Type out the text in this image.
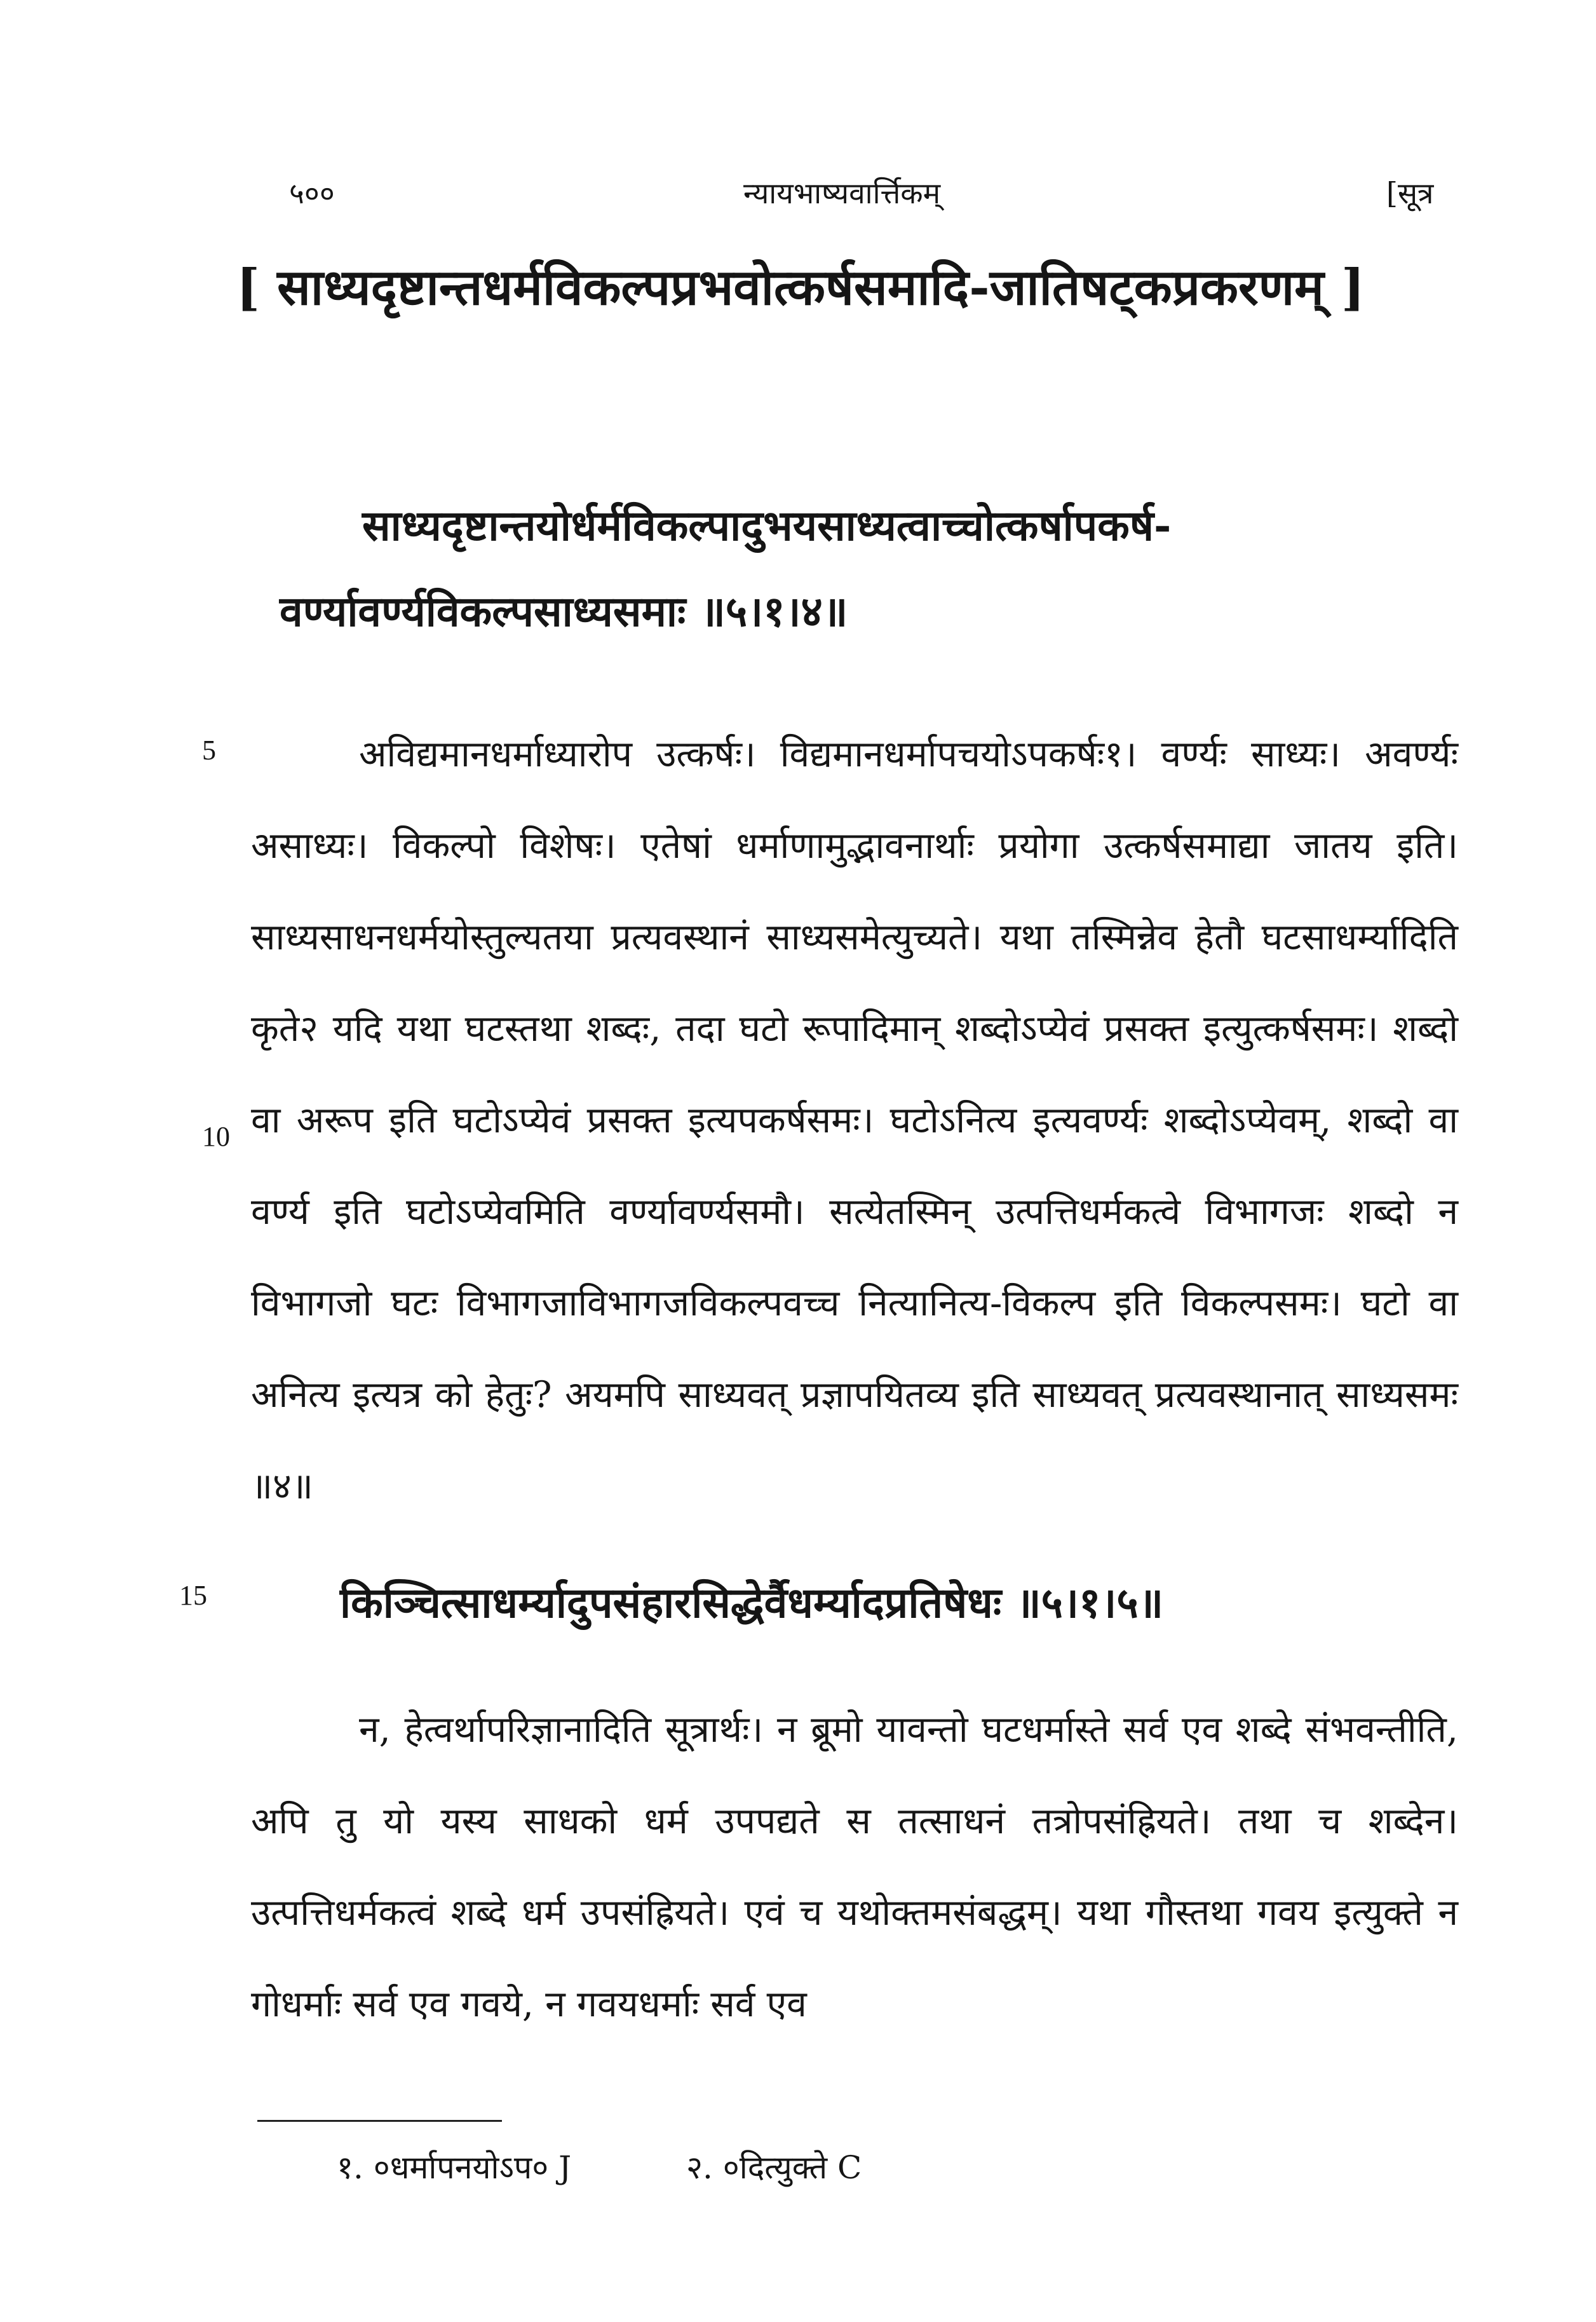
५००	न्यायभाष्यवार्त्तिकम्	[सूत्र
[ साध्यदृष्टान्तधर्मविकल्पप्रभवोत्कर्षसमादि-जातिषट्कप्रकरणम् ]
साध्यदृष्टान्तयोर्धर्मविकल्पादुभयसाध्यत्वाच्चोत्कर्षापकर्ष-
वर्ण्यावर्ण्यविकल्पसाध्यसमाः ॥५।१।४॥
5
10

अविद्यमानधर्माध्यारोप उत्कर्षः। विद्यमानधर्मापचयोऽपकर्षः१। वर्ण्यः साध्यः। अवर्ण्यः असाध्यः। विकल्पो विशेषः। एतेषां धर्माणामुद्भावनार्थाः प्रयोगा उत्कर्षसमाद्या जातय इति। साध्यसाधनधर्मयोस्तुल्यतया प्रत्यवस्थानं साध्यसमेत्युच्यते। यथा तस्मिन्नेव हेतौ घटसाधर्म्यादिति कृते२ यदि यथा घटस्तथा शब्दः, तदा घटो रूपादिमान् शब्दोऽप्येवं प्रसक्त इत्युत्कर्षसमः। शब्दो वा अरूप इति घटोऽप्येवं प्रसक्त इत्यपकर्षसमः। घटोऽनित्य इत्यवर्ण्यः शब्दोऽप्येवम्, शब्दो वा वर्ण्य इति घटोऽप्येवमिति वर्ण्यावर्ण्यसमौ। सत्येतस्मिन् उत्पत्तिधर्मकत्वे विभागजः शब्दो न विभागजो घटः विभागजाविभागजविकल्पवच्च नित्यानित्य-विकल्प इति विकल्पसमः। घटो वा अनित्य इत्यत्र को हेतुः? अयमपि साध्यवत् प्रज्ञापयितव्य इति साध्यवत् प्रत्यवस्थानात् साध्यसमः ॥४॥

15	किञ्चित्साधर्म्यादुपसंहारसिद्धेर्वैधर्म्यादप्रतिषेधः ॥५।१।५॥

न, हेत्वर्थापरिज्ञानादिति सूत्रार्थः। न ब्रूमो यावन्तो घटधर्मास्ते सर्व एव शब्दे संभवन्तीति, अपि तु यो यस्य साधको धर्म उपपद्यते स तत्साधनं तत्रोपसंह्रियते। तथा च शब्देन। उत्पत्तिधर्मकत्वं शब्दे धर्म उपसंह्रियते। एवं च यथोक्तमसंबद्धम्। यथा गौस्तथा गवय इत्युक्ते न गोधर्माः सर्व एव गवये, न गवयधर्माः सर्व एव

१. ०धर्मापनयोऽप० J	२. ०दित्युक्ते C
